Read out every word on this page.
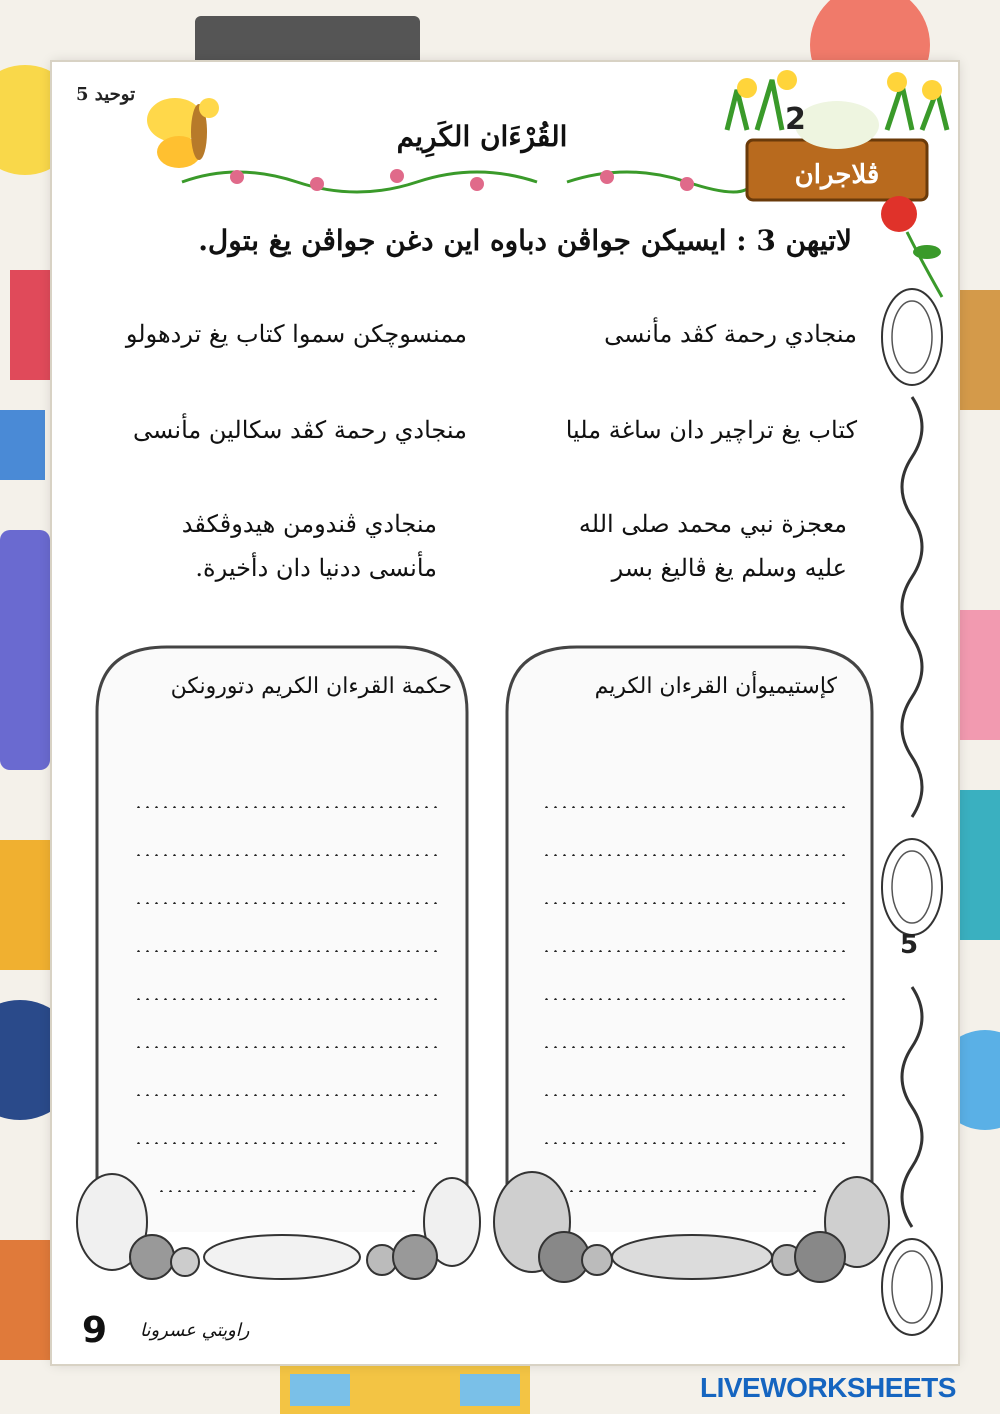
توحيد 5
القُرْءَان الكَرِيم	2
ڤلاجران
لاتيهن 3 : ايسيكن جواڤن دباوه اين دغن جواڤن يغ بتول.
منجادي رحمة كڤد مأنسى
ممنسوچکن سموا كتاب يغ تردهولو
كتاب يغ تراچير دان ساغة مليا
منجادي رحمة كڤد سكالين مأنسى
معجزة نبي محمد صلى الله عليه وسلم يغ ڤاليغ بسر
منجادي ڤندومن هيدوڤكڤد مأنسى ددنيا دان دأخيرة.
كإستيميوأن القرءان الكريم
حكمة القرءان الكريم دتورونكن
5
9 راويتي عسرونا
LIVEWORKSHEETS
